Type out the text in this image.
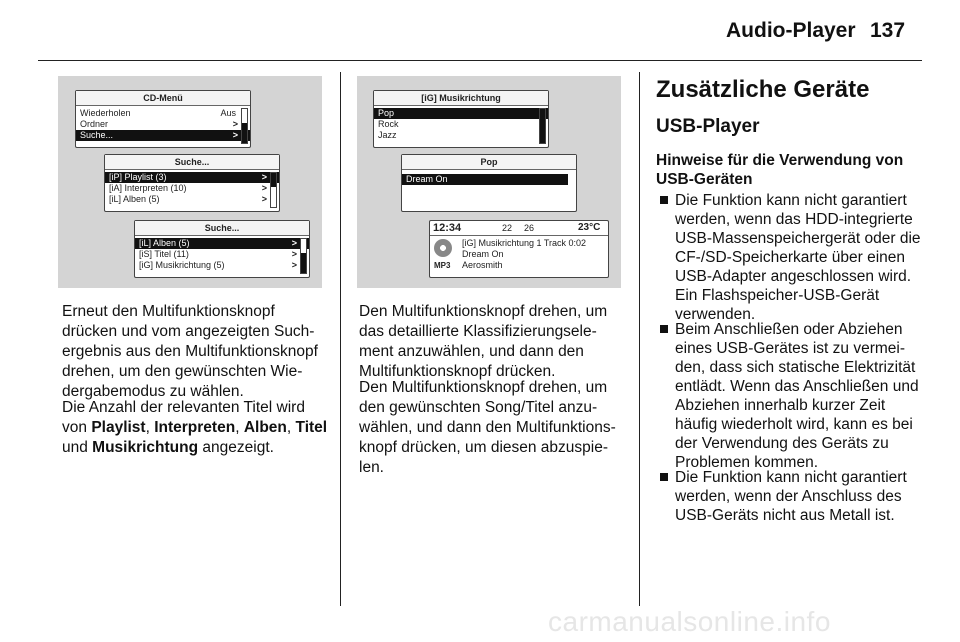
Audio-Player 137
CD-Menü
Wiederholen	Aus
Ordner	>
Suche...	>
Suche...
[iP] Playlist (3)	>
[iA] Interpreten (10)	>
[iL] Alben (5)	>
Suche...
[iL] Alben (5)	>
[iS] Titel (11)	>
[iG] Musikrichtung (5)	>
[iG] Musikrichtung
Pop
Rock
Jazz
Pop
Dream On
12:34	22 26	23°C
MP3
[iG] Musikrichtung 1 Track 0:02
Dream On
Aerosmith
Erneut den Multifunktionsknopf drücken und vom angezeigten Such-ergebnis aus den Multifunktionsknopf drehen, um den gewünschten Wie-dergabemodus zu wählen.
Die Anzahl der relevanten Titel wird von Playlist, Interpreten, Alben, Titel und Musikrichtung angezeigt.
Den Multifunktionsknopf drehen, um das detaillierte Klassifizierungsele-ment anzuwählen, und dann den Multifunktionsknopf drücken.
Den Multifunktionsknopf drehen, um den gewünschten Song/Titel anzu-wählen, und dann den Multifunktions-knopf drücken, um diesen abzuspie-len.
Zusätzliche Geräte
USB-Player
Hinweise für die Verwendung von USB-Geräten
Die Funktion kann nicht garantiert werden, wenn das HDD-integrierte USB-Massenspeichergerät oder die CF-/SD-Speicherkarte über einen USB-Adapter angeschlossen wird. Ein Flashspeicher-USB-Gerät verwenden.
Beim Anschließen oder Abziehen eines USB-Gerätes ist zu vermei-den, dass sich statische Elektrizität entlädt. Wenn das Anschließen und Abziehen innerhalb kurzer Zeit häufig wiederholt wird, kann es bei der Verwendung des Geräts zu Problemen kommen.
Die Funktion kann nicht garantiert werden, wenn der Anschluss des USB-Geräts nicht aus Metall ist.
carmanualsonline.info
